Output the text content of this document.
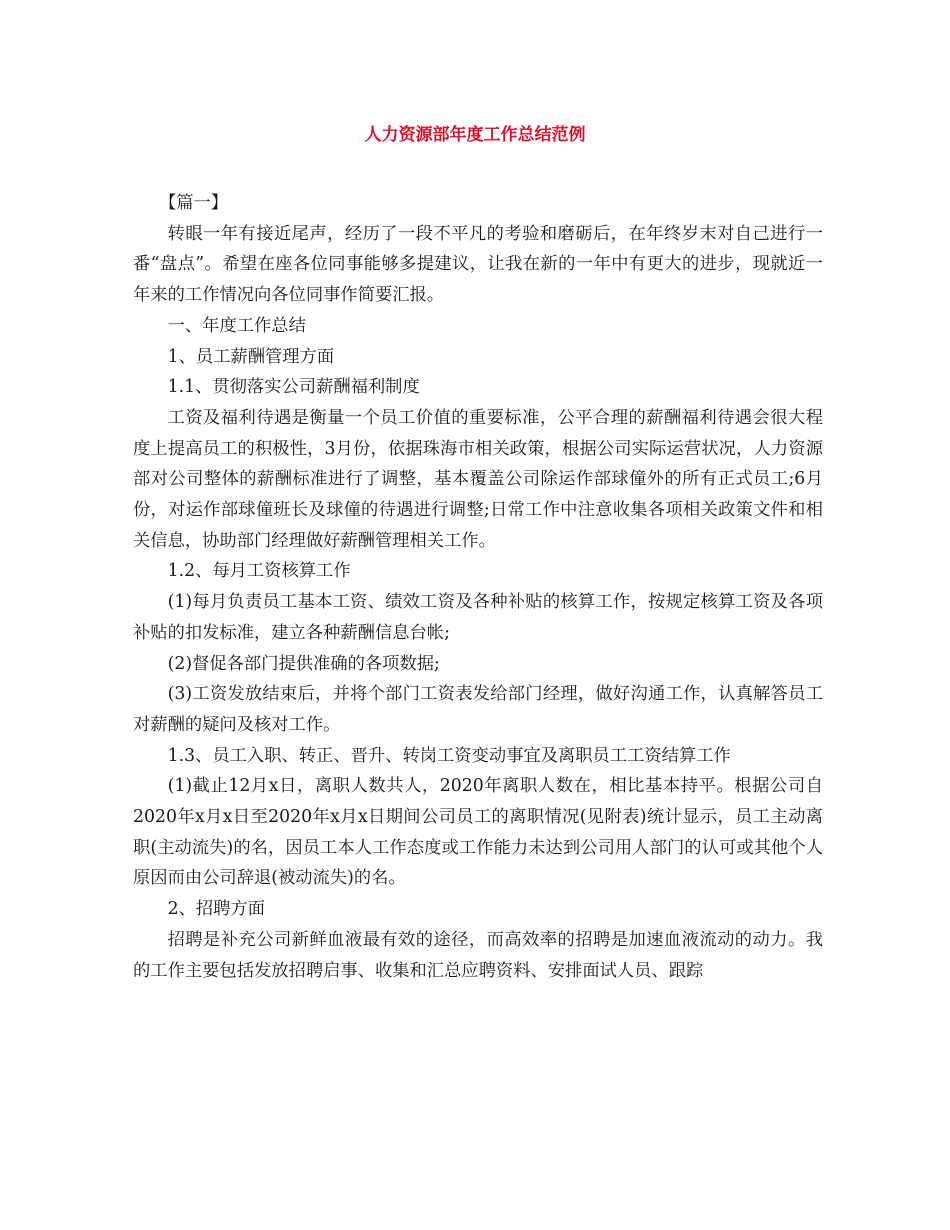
人力资源部年度工作总结范例

【篇一】

转眼一年有接近尾声，经历了一段不平凡的考验和磨砺后，在年终岁末对自己进行一番“盘点”。希望在座各位同事能够多提建议，让我在新的一年中有更大的进步，现就近一年来的工作情况向各位同事作简要汇报。

一、年度工作总结

1、员工薪酬管理方面

1.1、贯彻落实公司薪酬福利制度

工资及福利待遇是衡量一个员工价值的重要标准，公平合理的薪酬福利待遇会很大程度上提高员工的积极性，3月份，依据珠海市相关政策，根据公司实际运营状况，人力资源部对公司整体的薪酬标准进行了调整，基本覆盖公司除运作部球僮外的所有正式员工;6月份，对运作部球僮班长及球僮的待遇进行调整;日常工作中注意收集各项相关政策文件和相关信息，协助部门经理做好薪酬管理相关工作。

1.2、每月工资核算工作

(1)每月负责员工基本工资、绩效工资及各种补贴的核算工作，按规定核算工资及各项补贴的扣发标准，建立各种薪酬信息台帐;

(2)督促各部门提供准确的各项数据;

(3)工资发放结束后，并将个部门工资表发给部门经理，做好沟通工作，认真解答员工对薪酬的疑问及核对工作。

1.3、员工入职、转正、晋升、转岗工资变动事宜及离职员工工资结算工作

(1)截止12月x日，离职人数共人，2020年离职人数在，相比基本持平。根据公司自2020年x月x日至2020年x月x日期间公司员工的离职情况(见附表)统计显示，员工主动离职(主动流失)的名，因员工本人工作态度或工作能力未达到公司用人部门的认可或其他个人原因而由公司辞退(被动流失)的名。

2、招聘方面

招聘是补充公司新鲜血液最有效的途径，而高效率的招聘是加速血液流动的动力。我的工作主要包括发放招聘启事、收集和汇总应聘资料、安排面试人员、跟踪
